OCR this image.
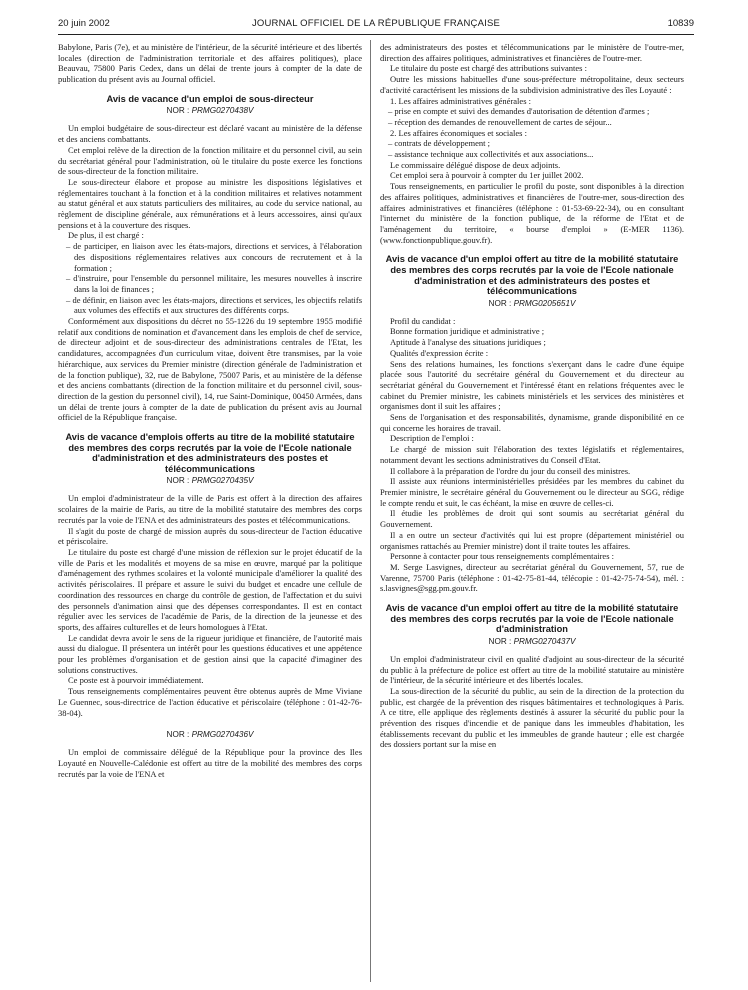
20 juin 2002	JOURNAL OFFICIEL DE LA RÉPUBLIQUE FRANÇAISE	10839

Babylone, Paris (7e), et au ministère de l'intérieur, de la sécurité intérieure et des libertés locales (direction de l'administration territoriale et des affaires politiques), place Beauvau, 75800 Paris Cedex, dans un délai de trente jours à compter de la date de publication du présent avis au Journal officiel.

Avis de vacance d'un emploi de sous-directeur
NOR : PRMG0270438V

Un emploi budgétaire de sous-directeur est déclaré vacant au ministère de la défense et des anciens combattants.

Cet emploi relève de la direction de la fonction militaire et du personnel civil, au sein du secrétariat général pour l'administration, où le titulaire du poste exerce les fonctions de sous-directeur de la fonction militaire.

Le sous-directeur élabore et propose au ministre les dispositions législatives et réglementaires touchant à la fonction et à la condition militaires et relatives notamment au statut général et aux statuts particuliers des militaires, au code du service national, au règlement de discipline générale, aux rémunérations et à leurs accessoires, ainsi qu'aux pensions et à la couverture des risques.

De plus, il est chargé :

– de participer, en liaison avec les états-majors, directions et services, à l'élaboration des dispositions réglementaires relatives aux concours de recrutement et à la formation ;

– d'instruire, pour l'ensemble du personnel militaire, les mesures nouvelles à inscrire dans la loi de finances ;

– de définir, en liaison avec les états-majors, directions et services, les objectifs relatifs aux volumes des effectifs et aux structures des différents corps.

Conformément aux dispositions du décret no 55-1226 du 19 septembre 1955 modifié relatif aux conditions de nomination et d'avancement dans les emplois de chef de service, de directeur adjoint et de sous-directeur des administrations centrales de l'Etat, les candidatures, accompagnées d'un curriculum vitae, doivent être transmises, par la voie hiérarchique, aux services du Premier ministre (direction générale de l'administration et de la fonction publique), 32, rue de Babylone, 75007 Paris, et au ministère de la défense et des anciens combattants (direction de la fonction militaire et du personnel civil, sous-direction de la gestion du personnel civil), 14, rue Saint-Dominique, 00450 Armées, dans un délai de trente jours à compter de la date de publication du présent avis au Journal officiel de la République française.

Avis de vacance d'emplois offerts au titre de la mobilité statutaire des membres des corps recrutés par la voie de l'Ecole nationale d'administration et des administrateurs des postes et télécommunications
NOR : PRMG0270435V

Un emploi d'administrateur de la ville de Paris est offert à la direction des affaires scolaires de la mairie de Paris, au titre de la mobilité statutaire des membres des corps recrutés par la voie de l'ENA et des administrateurs des postes et télécommunications.

Il s'agit du poste de chargé de mission auprès du sous-directeur de l'action éducative et périscolaire.

Le titulaire du poste est chargé d'une mission de réflexion sur le projet éducatif de la ville de Paris et les modalités et moyens de sa mise en œuvre, marqué par la politique d'aménagement des rythmes scolaires et la volonté municipale d'améliorer la qualité des activités périscolaires. Il prépare et assure le suivi du budget et encadre une cellule de coordination des ressources en charge du contrôle de gestion, de l'affectation et du suivi des personnels d'animation ainsi que des dépenses correspondantes. Il est en contact régulier avec les services de l'académie de Paris, de la direction de la jeunesse et des sports, des affaires culturelles et de leurs homologues à l'Etat.

Le candidat devra avoir le sens de la rigueur juridique et financière, de l'autorité mais aussi du dialogue. Il présentera un intérêt pour les questions éducatives et une appétence pour les problèmes d'organisation et de gestion ainsi que la capacité d'imaginer des solutions constructives.

Ce poste est à pourvoir immédiatement.

Tous renseignements complémentaires peuvent être obtenus auprès de Mme Viviane Le Guennec, sous-directrice de l'action éducative et périscolaire (téléphone : 01-42-76-38-04).

NOR : PRMG0270436V

Un emploi de commissaire délégué de la République pour la province des Iles Loyauté en Nouvelle-Calédonie est offert au titre de la mobilité des membres des corps recrutés par la voie de l'ENA et

des administrateurs des postes et télécommunications par le ministère de l'outre-mer, direction des affaires politiques, administratives et financières de l'outre-mer.

Le titulaire du poste est chargé des attributions suivantes :

Outre les missions habituelles d'une sous-préfecture métropolitaine, deux secteurs d'activité caractérisent les missions de la subdivision administrative des îles Loyauté :

1. Les affaires administratives générales :

– prise en compte et suivi des demandes d'autorisation de détention d'armes ;

– réception des demandes de renouvellement de cartes de séjour...

2. Les affaires économiques et sociales :

– contrats de développement ;

– assistance technique aux collectivités et aux associations...

Le commissaire délégué dispose de deux adjoints.

Cet emploi sera à pourvoir à compter du 1er juillet 2002.

Tous renseignements, en particulier le profil du poste, sont disponibles à la direction des affaires politiques, administratives et financières de l'outre-mer, sous-direction des affaires administratives et financières (téléphone : 01-53-69-22-34), ou en consultant l'internet du ministère de la fonction publique, de la réforme de l'Etat et de l'aménagement du territoire, « bourse d'emploi » (E-MER 1136). (www.fonctionpublique.gouv.fr).

Avis de vacance d'un emploi offert au titre de la mobilité statutaire des membres des corps recrutés par la voie de l'Ecole nationale d'administration et des administrateurs des postes et télécommunications
NOR : PRMG0205651V

Profil du candidat :

Bonne formation juridique et administrative ;

Aptitude à l'analyse des situations juridiques ;

Qualités d'expression écrite :

Sens des relations humaines, les fonctions s'exerçant dans le cadre d'une équipe placée sous l'autorité du secrétaire général du Gouvernement et du directeur au secrétariat général du Gouvernement et l'intéressé étant en relations fréquentes avec le cabinet du Premier ministre, les cabinets ministériels et les services des ministères et organismes dont il suit les affaires ;

Sens de l'organisation et des responsabilités, dynamisme, grande disponibilité en ce qui concerne les horaires de travail.

Description de l'emploi :

Le chargé de mission suit l'élaboration des textes législatifs et réglementaires, notamment devant les sections administratives du Conseil d'Etat.

Il collabore à la préparation de l'ordre du jour du conseil des ministres.

Il assiste aux réunions interministérielles présidées par les membres du cabinet du Premier ministre, le secrétaire général du Gouvernement ou le directeur au SGG, rédige le compte rendu et suit, le cas échéant, la mise en œuvre de celles-ci.

Il étudie les problèmes de droit qui sont soumis au secrétariat général du Gouvernement.

Il a en outre un secteur d'activités qui lui est propre (département ministériel ou organismes rattachés au Premier ministre) dont il traite toutes les affaires.

Personne à contacter pour tous renseignements complémentaires :

M. Serge Lasvignes, directeur au secrétariat général du Gouvernement, 57, rue de Varenne, 75700 Paris (téléphone : 01-42-75-81-44, télécopie : 01-42-75-74-54), mél. : s.lasvignes@sgg.pm.gouv.fr.

Avis de vacance d'un emploi offert au titre de la mobilité statutaire des membres des corps recrutés par la voie de l'Ecole nationale d'administration
NOR : PRMG0270437V

Un emploi d'administrateur civil en qualité d'adjoint au sous-directeur de la sécurité du public à la préfecture de police est offert au titre de la mobilité statutaire au ministère de l'intérieur, de la sécurité intérieure et des libertés locales.

La sous-direction de la sécurité du public, au sein de la direction de la protection du public, est chargée de la prévention des risques bâtimentaires et technologiques à Paris. A ce titre, elle applique des règlements destinés à assurer la sécurité du public pour la prévention des risques d'incendie et de panique dans les immeubles d'habitation, les établissements recevant du public et les immeubles de grande hauteur ; elle est chargée des dossiers portant sur la mise en
